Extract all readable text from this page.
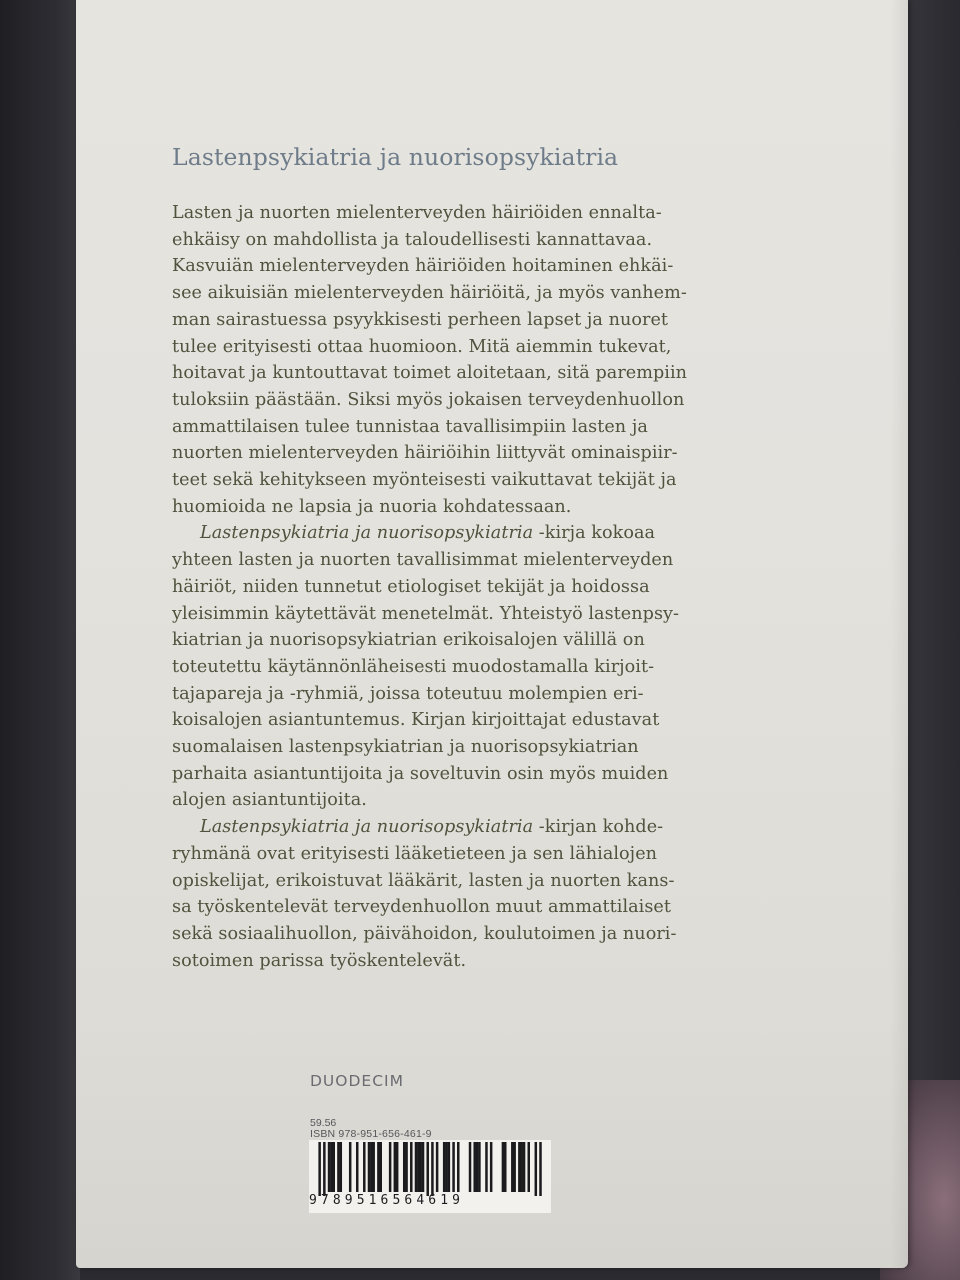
Lastenpsykiatria ja nuorisopsykiatria
Lasten ja nuorten mielenterveyden häiriöiden ennalta-
ehkäisy on mahdollista ja taloudellisesti kannattavaa.
Kasvuiän mielenterveyden häiriöiden hoitaminen ehkäi-
see aikuisiän mielenterveyden häiriöitä, ja myös vanhem-
man sairastuessa psyykkisesti perheen lapset ja nuoret
tulee erityisesti ottaa huomioon. Mitä aiemmin tukevat,
hoitavat ja kuntouttavat toimet aloitetaan, sitä parempiin
tuloksiin päästään. Siksi myös jokaisen terveydenhuollon
ammattilaisen tulee tunnistaa tavallisimpiin lasten ja
nuorten mielenterveyden häiriöihin liittyvät ominaispiir-
teet sekä kehitykseen myönteisesti vaikuttavat tekijät ja
huomioida ne lapsia ja nuoria kohdatessaan.
Lastenpsykiatria ja nuorisopsykiatria -kirja kokoaa
yhteen lasten ja nuorten tavallisimmat mielenterveyden
häiriöt, niiden tunnetut etiologiset tekijät ja hoidossa
yleisimmin käytettävät menetelmät. Yhteistyö lastenpsy-
kiatrian ja nuorisopsykiatrian erikoisalojen välillä on
toteutettu käytännönläheisesti muodostamalla kirjoit-
tajapareja ja -ryhmiä, joissa toteutuu molempien eri-
koisalojen asiantuntemus. Kirjan kirjoittajat edustavat
suomalaisen lastenpsykiatrian ja nuorisopsykiatrian
parhaita asiantuntijoita ja soveltuvin osin myös muiden
alojen asiantuntijoita.
Lastenpsykiatria ja nuorisopsykiatria -kirjan kohde-
ryhmänä ovat erityisesti lääketieteen ja sen lähialojen
opiskelijat, erikoistuvat lääkärit, lasten ja nuorten kans-
sa työskentelevät terveydenhuollon muut ammattilaiset
sekä sosiaalihuollon, päivähoidon, koulutoimen ja nuori-
sotoimen parissa työskentelevät.
DUODECIM
59.56
ISBN 978-951-656-461-9
9789516564619
